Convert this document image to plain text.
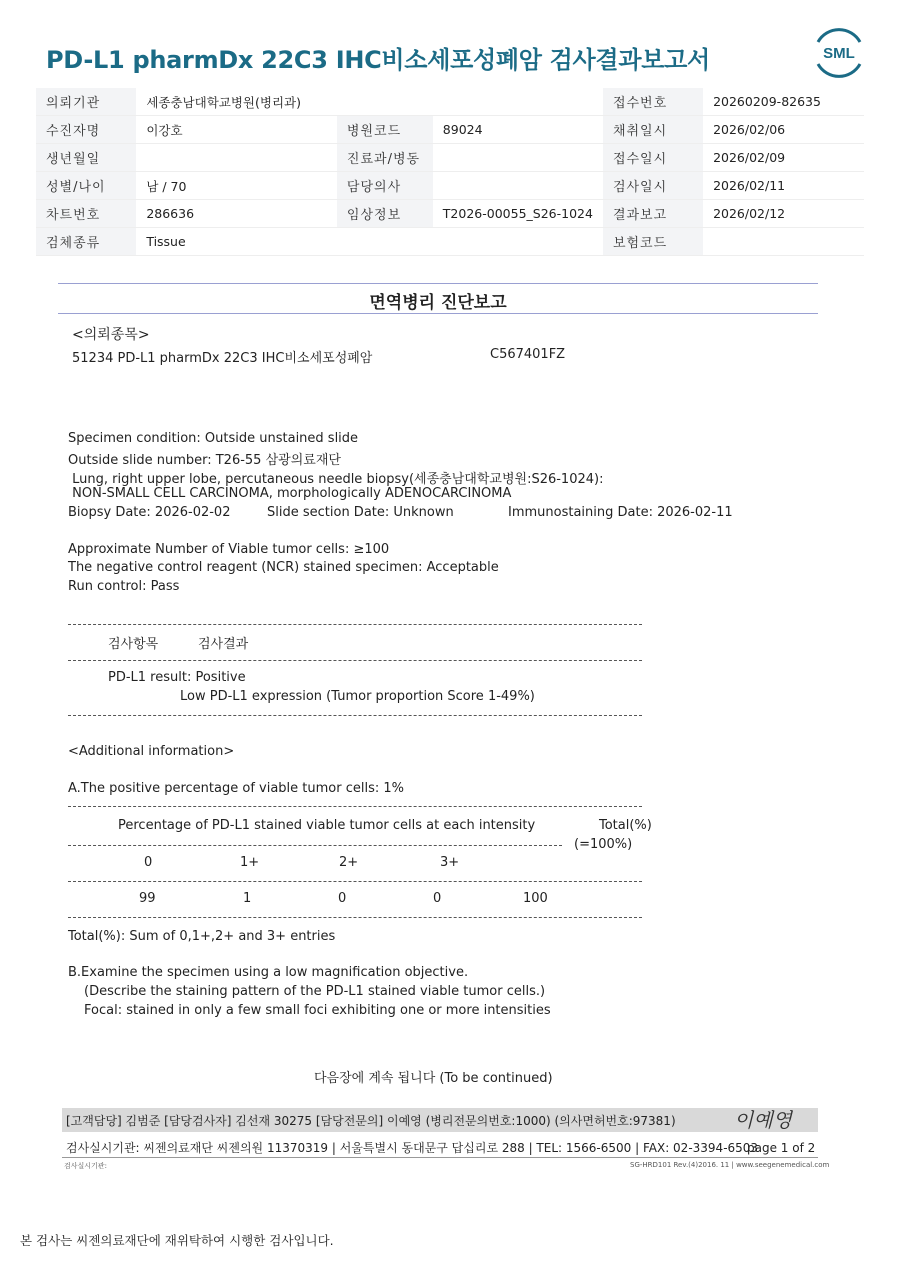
PD-L1 pharmDx 22C3 IHC비소세포성폐암 검사결과보고서	SML
의뢰기관	세종충남대학교병원(병리과)			접수번호	20260209-82635
수진자명	이강호	병원코드	89024	채취일시	2026/02/06
생년월일		진료과/병동		접수일시	2026/02/09
성별/나이	남 / 70	담당의사		검사일시	2026/02/11
차트번호	286636	임상정보	T2026-00055_S26-1024	결과보고	2026/02/12
검체종류	Tissue			보험코드	
면역병리 진단보고
<의뢰종목>
51234 PD-L1 pharmDx 22C3 IHC비소세포성폐암	C567401FZ
Specimen condition: Outside unstained slide
Outside slide number: T26-55 삼광의료재단
Lung, right upper lobe, percutaneous needle biopsy(세종충남대학교병원:S26-1024):
NON-SMALL CELL CARCINOMA, morphologically ADENOCARCINOMA
Biopsy Date: 2026-02-02	Slide section Date: Unknown	Immunostaining Date: 2026-02-11
Approximate Number of Viable tumor cells: ≥100
The negative control reagent (NCR) stained specimen: Acceptable
Run control: Pass
검사항목	검사결과
PD-L1 result: Positive
Low PD-L1 expression (Tumor proportion Score 1-49%)
<Additional information>
A.The positive percentage of viable tumor cells: 1%
Percentage of PD-L1 stained viable tumor cells at each intensity	Total(%)
(=100%)
0	1+	2+	3+
99	1	0	0	100
Total(%): Sum of 0,1+,2+ and 3+ entries
B.Examine the specimen using a low magnification objective.
(Describe the staining pattern of the PD-L1 stained viable tumor cells.)
Focal: stained in only a few small foci exhibiting one or more intensities
다음장에 계속 됩니다 (To be continued)
[고객담당] 김범준 [담당검사자] 김선재 30275 [담당전문의] 이예영 (병리전문의번호:1000) (의사면허번호:97381)	이예영
검사실시기관: 씨젠의료재단 씨젠의원 11370319 | 서울특별시 동대문구 답십리로 288 | TEL: 1566-6500 | FAX: 02-3394-6503
page 1 of 2
검사실시기관:	SG-HRD101 Rev.(4)2016. 11 | www.seegenemedical.com
본 검사는 씨젠의료재단에 재위탁하여 시행한 검사입니다.
